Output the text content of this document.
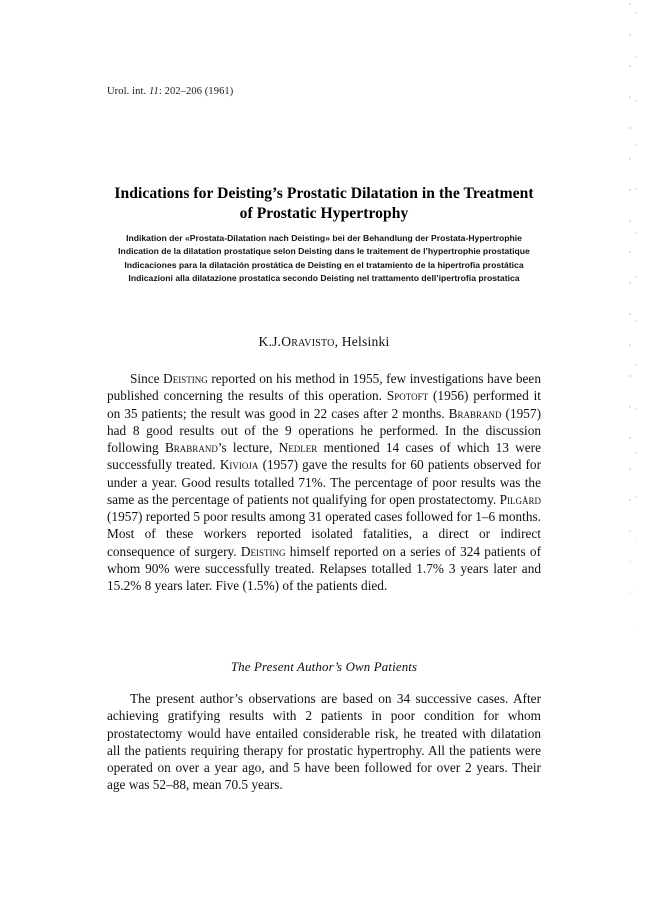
Urol. int. 11: 202–206 (1961)
Indications for Deisting’s Prostatic Dilatation in the Treatment of Prostatic Hypertrophy

Indikation der «Prostata-Dilatation nach Deisting» bei der Behandlung der Prostata-Hypertrophie

Indication de la dilatation prostatique selon Deisting dans le traitement de l’hypertrophie prostatique

Indicaciones para la dilatación prostática de Deisting en el tratamiento de la hipertrofia prostática

Indicazioni alla dilatazione prostatica secondo Deisting nel trattamento dell’ipertrofia prostatica

K.J.Oravisto, Helsinki

Since Deisting reported on his method in 1955, few investigations have been published concerning the results of this operation. Spotoft (1956) performed it on 35 patients; the result was good in 22 cases after 2 months. Brabrand (1957) had 8 good results out of the 9 operations he performed. In the discussion following Brabrand’s lecture, Nedler mentioned 14 cases of which 13 were successfully treated. Kivioja (1957) gave the results for 60 patients observed for under a year. Good results totalled 71%. The percentage of poor results was the same as the percentage of patients not qualifying for open prostatectomy. Pilgård (1957) reported 5 poor results among 31 operated cases followed for 1–6 months. Most of these workers reported isolated fatalities, a direct or indirect consequence of surgery. Deisting himself reported on a series of 324 patients of whom 90% were successfully treated. Relapses totalled 1.7% 3 years later and 15.2% 8 years later. Five (1.5%) of the patients died.

The Present Author’s Own Patients

The present author’s observations are based on 34 successive cases. After achieving gratifying results with 2 patients in poor condition for whom prostatectomy would have entailed considerable risk, he treated with dilatation all the patients requiring therapy for prostatic hypertrophy. All the patients were operated on over a year ago, and 5 have been followed for over 2 years. Their age was 52–88, mean 70.5 years.
